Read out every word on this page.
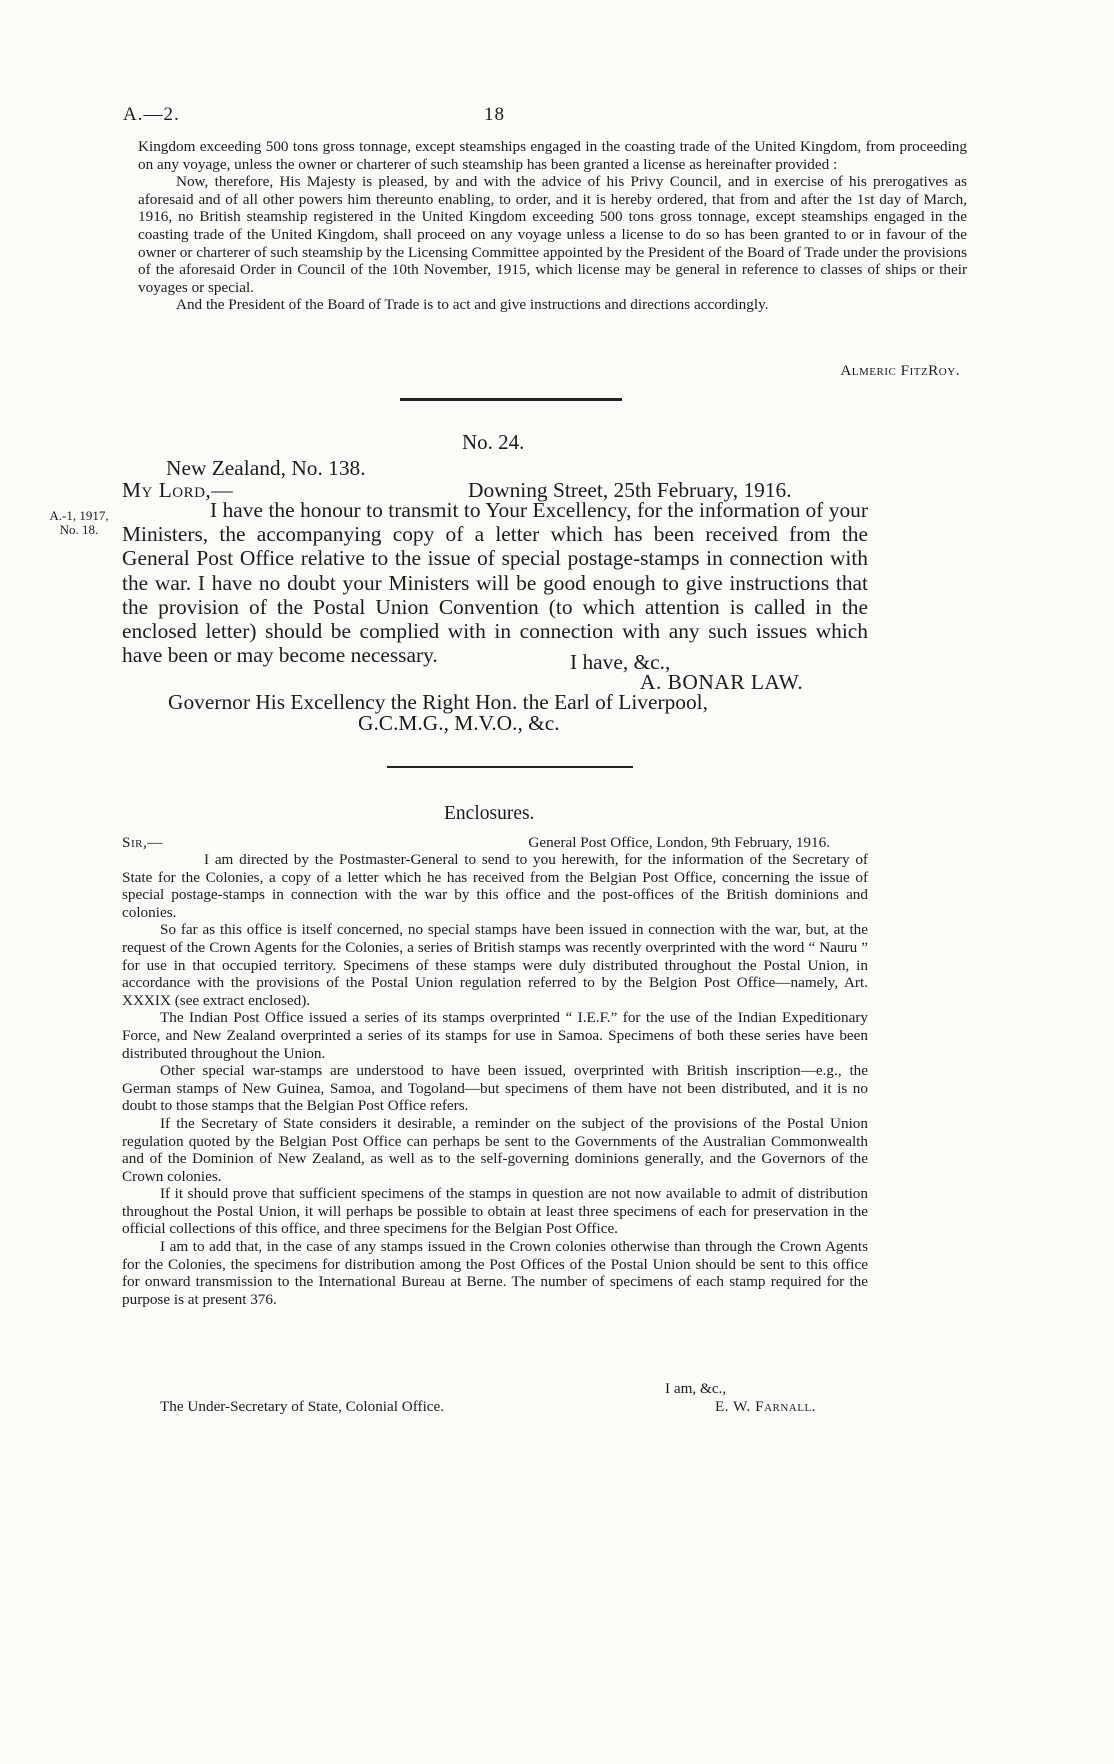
A.—2.	18

Kingdom exceeding 500 tons gross tonnage, except steamships engaged in the coasting trade of the United Kingdom, from proceeding on any voyage, unless the owner or charterer of such steamship has been granted a license as hereinafter provided :

Now, therefore, His Majesty is pleased, by and with the advice of his Privy Council, and in exercise of his prerogatives as aforesaid and of all other powers him thereunto enabling, to order, and it is hereby ordered, that from and after the 1st day of March, 1916, no British steamship registered in the United Kingdom exceeding 500 tons gross tonnage, except steamships engaged in the coasting trade of the United Kingdom, shall proceed on any voyage unless a license to do so has been granted to or in favour of the owner or charterer of such steamship by the Licensing Committee appointed by the President of the Board of Trade under the provisions of the aforesaid Order in Council of the 10th November, 1915, which license may be general in reference to classes of ships or their voyages or special.

And the President of the Board of Trade is to act and give instructions and directions accordingly.

Almeric FitzRoy.
No. 24.
New Zealand, No. 138.
My Lord,—	Downing Street, 25th February, 1916.
A.-1, 1917,
No. 18.
I have the honour to transmit to Your Excellency, for the information of your Ministers, the accompanying copy of a letter which has been received from the General Post Office relative to the issue of special postage-stamps in connection with the war. I have no doubt your Ministers will be good enough to give instructions that the provision of the Postal Union Convention (to which attention is called in the enclosed letter) should be complied with in connection with any such issues which have been or may become necessary.	I have, &c.,
A. BONAR LAW.
Governor His Excellency the Right Hon. the Earl of Liverpool,
G.C.M.G., M.V.O., &c.
Enclosures.
Sir,—	General Post Office, London, 9th February, 1916.

I am directed by the Postmaster-General to send to you herewith, for the information of the Secretary of State for the Colonies, a copy of a letter which he has received from the Belgian Post Office, concerning the issue of special postage-stamps in connection with the war by this office and the post-offices of the British dominions and colonies.

So far as this office is itself concerned, no special stamps have been issued in connection with the war, but, at the request of the Crown Agents for the Colonies, a series of British stamps was recently overprinted with the word “ Nauru ” for use in that occupied territory. Specimens of these stamps were duly distributed throughout the Postal Union, in accordance with the provisions of the Postal Union regulation referred to by the Belgion Post Office—namely, Art. XXXIX (see extract enclosed).

The Indian Post Office issued a series of its stamps overprinted “ I.E.F.” for the use of the Indian Expeditionary Force, and New Zealand overprinted a series of its stamps for use in Samoa. Specimens of both these series have been distributed throughout the Union.

Other special war-stamps are understood to have been issued, overprinted with British inscription—e.g., the German stamps of New Guinea, Samoa, and Togoland—but specimens of them have not been distributed, and it is no doubt to those stamps that the Belgian Post Office refers.

If the Secretary of State considers it desirable, a reminder on the subject of the provisions of the Postal Union regulation quoted by the Belgian Post Office can perhaps be sent to the Governments of the Australian Commonwealth and of the Dominion of New Zealand, as well as to the self-governing dominions generally, and the Governors of the Crown colonies.

If it should prove that sufficient specimens of the stamps in question are not now available to admit of distribution throughout the Postal Union, it will perhaps be possible to obtain at least three specimens of each for preservation in the official collections of this office, and three specimens for the Belgian Post Office.

I am to add that, in the case of any stamps issued in the Crown colonies otherwise than through the Crown Agents for the Colonies, the specimens for distribution among the Post Offices of the Postal Union should be sent to this office for onward transmission to the International Bureau at Berne. The number of specimens of each stamp required for the purpose is at present 376.

I am, &c.,
The Under-Secretary of State, Colonial Office.	E. W. Farnall.
